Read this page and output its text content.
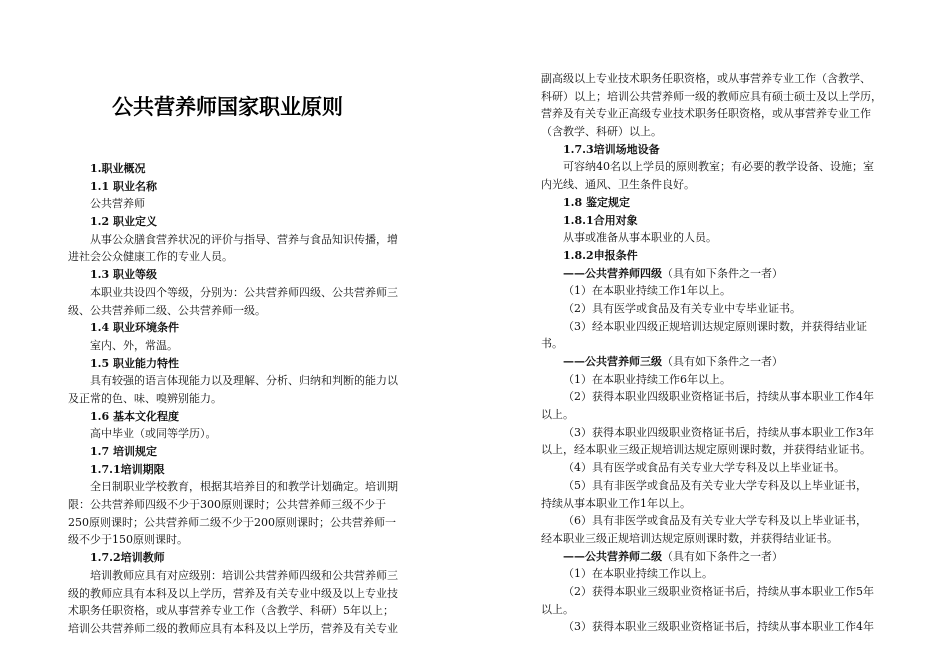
公共营养师国家职业原则
1.职业概况
1.1 职业名称
公共营养师
1.2 职业定义
从事公众膳食营养状况的评价与指导、营养与食品知识传播，增
进社会公众健康工作的专业人员。
1.3 职业等级
本职业共设四个等级，分别为：公共营养师四级、公共营养师三
级、公共营养师二级、公共营养师一级。
1.4 职业环境条件
室内、外，常温。
1.5 职业能力特性
具有较强的语言体现能力以及理解、分析、归纳和判断的能力以
及正常的色、味、嗅辨别能力。
1.6 基本文化程度
高中毕业（或同等学历）。
1.7 培训规定
1.7.1培训期限
全日制职业学校教育，根据其培养目的和教学计划确定。培训期
限：公共营养师四级不少于300原则课时；公共营养师三级不少于
250原则课时；公共营养师二级不少于200原则课时；公共营养师一
级不少于150原则课时。
1.7.2培训教师
培训教师应具有对应级别：培训公共营养师四级和公共营养师三
级的教师应具有本科及以上学历，营养及有关专业中级及以上专业技
术职务任职资格，或从事营养专业工作（含教学、科研）5年以上；
培训公共营养师二级的教师应具有本科及以上学历，营养及有关专业
副高级以上专业技术职务任职资格，或从事营养专业工作（含教学、
科研）以上；培训公共营养师一级的教师应具有硕士硕士及以上学历，
营养及有关专业正高级专业技术职务任职资格，或从事营养专业工作
（含教学、科研）以上。
1.7.3培训场地设备
可容纳40名以上学员的原则教室；有必要的教学设备、设施；室
内光线、通风、卫生条件良好。
1.8 鉴定规定
1.8.1合用对象
从事或准备从事本职业的人员。
1.8.2申报条件
——公共营养师四级（具有如下条件之一者）
（1）在本职业持续工作1年以上。
（2）具有医学或食品及有关专业中专毕业证书。
（3）经本职业四级正规培训达规定原则课时数，并获得结业证
书。
——公共营养师三级（具有如下条件之一者）
（1）在本职业持续工作6年以上。
（2）获得本职业四级职业资格证书后，持续从事本职业工作4年
以上。
（3）获得本职业四级职业资格证书后，持续从事本职业工作3年
以上，经本职业三级正规培训达规定原则课时数，并获得结业证书。
（4）具有医学或食品有关专业大学专科及以上毕业证书。
（5）具有非医学或食品及有关专业大学专科及以上毕业证书，
持续从事本职业工作1年以上。
（6）具有非医学或食品及有关专业大学专科及以上毕业证书，
经本职业三级正规培训达规定原则课时数，并获得结业证书。
——公共营养师二级（具有如下条件之一者）
（1）在本职业持续工作以上。
（2）获得本职业三级职业资格证书后，持续从事本职业工作5年
以上。
（3）获得本职业三级职业资格证书后，持续从事本职业工作4年
